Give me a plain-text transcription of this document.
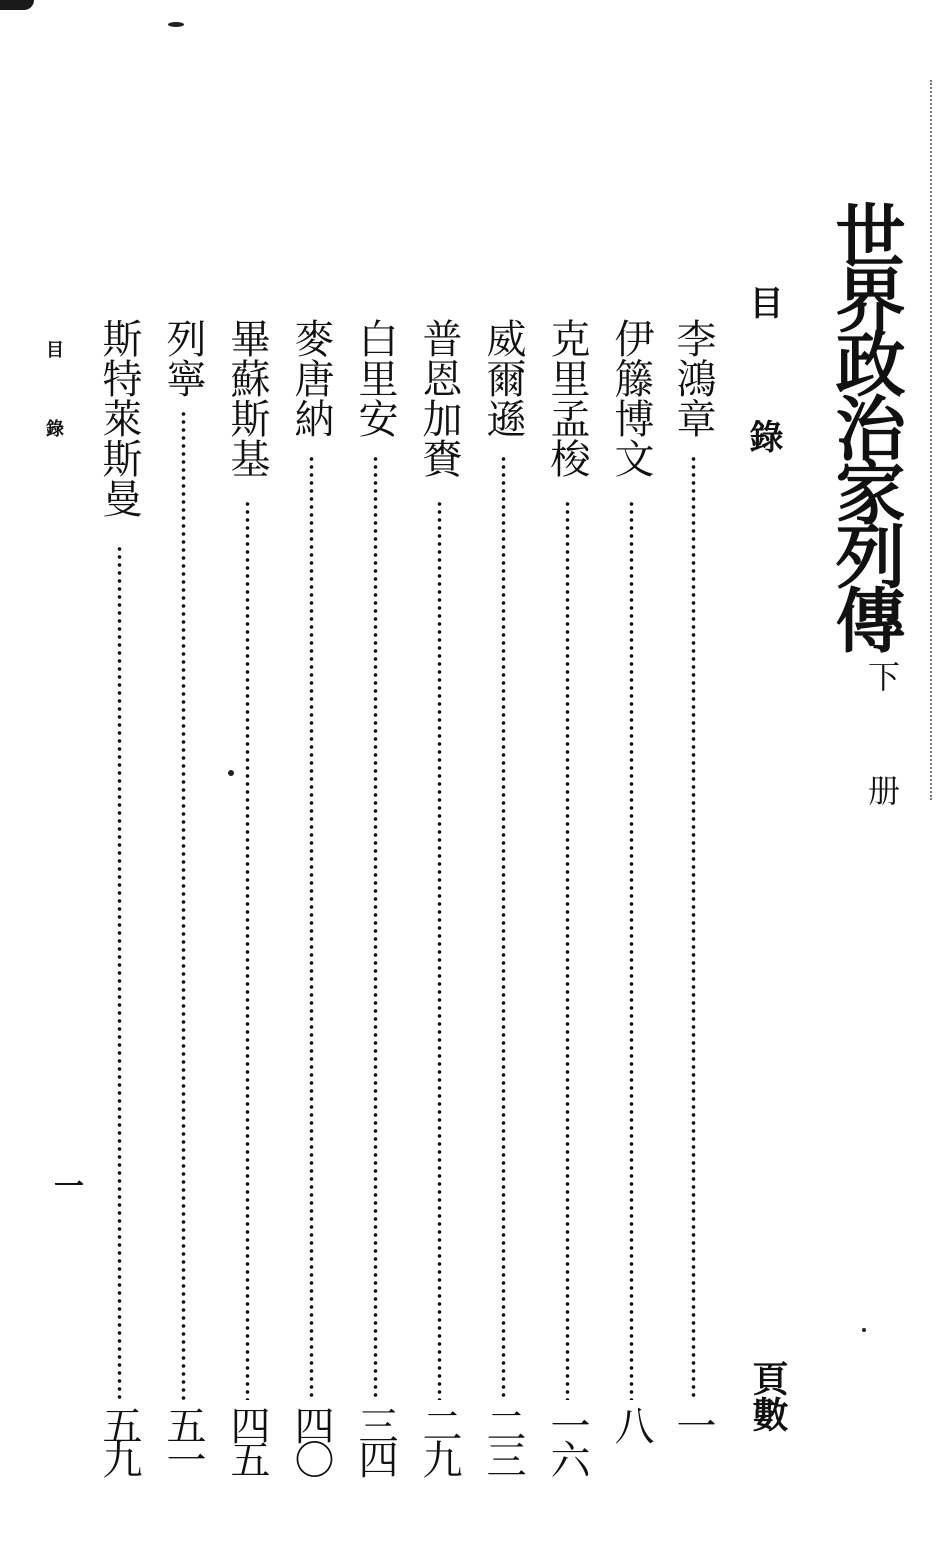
世界政治家列傳
下 册
目 錄
頁數
李鴻章
一
伊籐博文
八
克里孟梭
一六
威爾遜
二三
普恩加賚
二九
白里安
三四
麥唐納
四〇
畢蘇斯基
四五
列寧
五一
斯特萊斯曼
五九
目 錄
一
